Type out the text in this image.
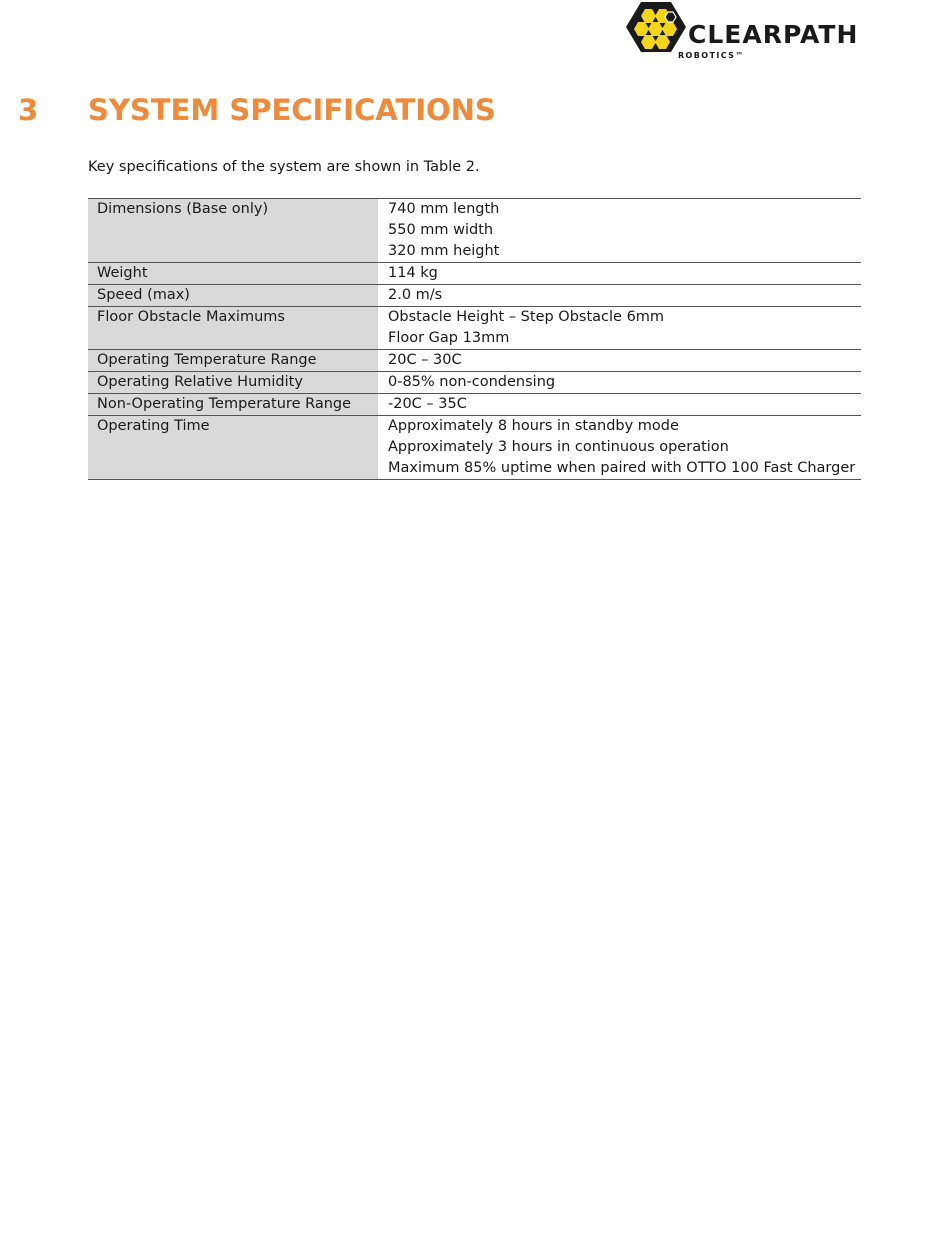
CLEARPATH
ROBOTICS™
3 SYSTEM SPECIFICATIONS
Key specifications of the system are shown in Table 2.
Dimensions (Base only)	740 mm length
550 mm width
320 mm height

Weight	114 kg

Speed (max)	2.0 m/s

Floor Obstacle Maximums	Obstacle Height – Step Obstacle 6mm
Floor Gap 13mm

Operating Temperature Range	20C – 30C

Operating Relative Humidity	0-85% non-condensing

Non-Operating Temperature Range	-20C – 35C

Operating Time	Approximately 8 hours in standby mode
Approximately 3 hours in continuous operation
Maximum 85% uptime when paired with OTTO 100 Fast Charger
